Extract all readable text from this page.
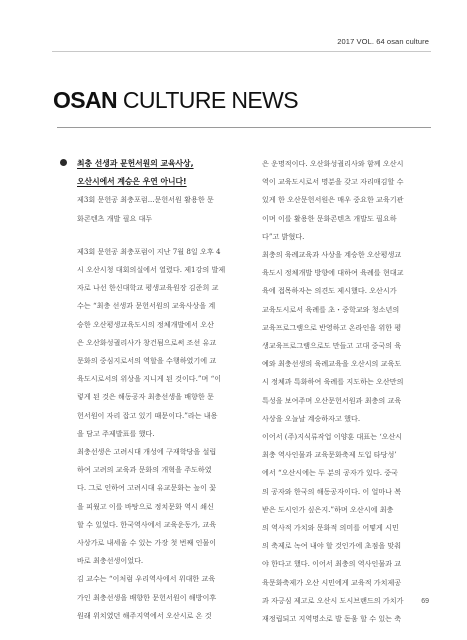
2017 VOL. 64 osan culture
OSAN CULTURE NEWS
최충 선생과 문헌서원의 교육사상,
오산시에서 계승은 우연 아니다!
제3회 문헌공 최충포럼...문헌서원 활용한 문
화콘텐츠 개발 필요 대두
제3회 문헌공 최충포럼이 지난 7월 8일 오후 4
시 오산시청 대회의실에서 열렸다. 제1강의 발제
자로 나선 한신대학교 평생교육원장 김준희 교
수는 “최충 선생과 문헌서원의 교육사상을 계
승한 오산평생교육도시의 정체개발에서 오산
은 오산화성궐리사가 창건됨으로써 조선 유교
문화의 중심지로서의 역할을 수행하였기에 교
육도시로서의 위상을 지니게 된 것이다.”며 “이
렇게 된 것은 해동공자 최충선생을 배향한 문
헌서원이 자리 잡고 있기 때문이다.”라는 내용
을 담고 주제발표를 했다.
최충선생은 고려시대 개성에 구재학당을 설립
하여 고려의 교육과 문화의 개혁을 주도하였
다. 그로 인하여 고려시대 유교문화는 높이 꽃
을 피웠고 이를 바탕으로 정치문화 역시 쇄신
할 수 있었다. 한국역사에서 교육운동가, 교육
사상가로 내세울 수 있는 가장 첫 번째 인물이
바로 최충선생이었다.
김 교수는 “이처럼 우리역사에서 위대한 교육
가인 최충선생을 배향한 문헌서원이 해방이후
원래 위치였던 해주지역에서 오산시로 온 것
은 운명적이다. 오산화성궐리사와 함께 오산시
역이 교육도시로서 명분을 갖고 자리매김할 수
있게 한 오산문헌서원은 매우 중요한 교육기관
이며 이를 활용한 문화콘텐츠 개발도 필요하
다”고 밝혔다.
최충의 육례교육과 사상을 계승한 오산평생교
육도시 정체개발 방향에 대하여 육례를 현대교
육에 접목하자는 의견도 제시했다. 오산시가
교육도시로서 육례를 초・중학교와 청소년의
교육프로그램으로 반영하고 온라인을 위한 평
생교육프로그램으로도 만들고 고대 중국의 육
예와 최충선생의 육례교육을 오산시의 교육도
시 정체과 특화하여 육례를 지도하는 오산만의
특성을 보여주며 오산문헌서원과 최충의 교육
사상을 오늘날 계승하자고 했다.
이어서 (주)지식류작업 이양훈 대표는 ‘오산시
최충 역사인물과 교육문화축제 도입 타당성’
에서 “오산시에는 두 분의 공자가 있다. 중국
의 공자와 한국의 해동공자이다. 이 얼마나 복
받은 도시인가 싶은지.”하며 오산시에 최충
의 역사적 가치와 문화적 의미를 어떻게 시민
의 축제로 녹여 내야 할 것인가에 초점을 맞춰
야 한다고 했다. 이어서 최충의 역사인물과 교
육문화축제가 오산 시민에게 교육적 가치제공
과 자긍심 제고로 오산시 도시브랜드의 가치가
재정립되고 지역명소로 발 돋움 할 수 있는 축
69
